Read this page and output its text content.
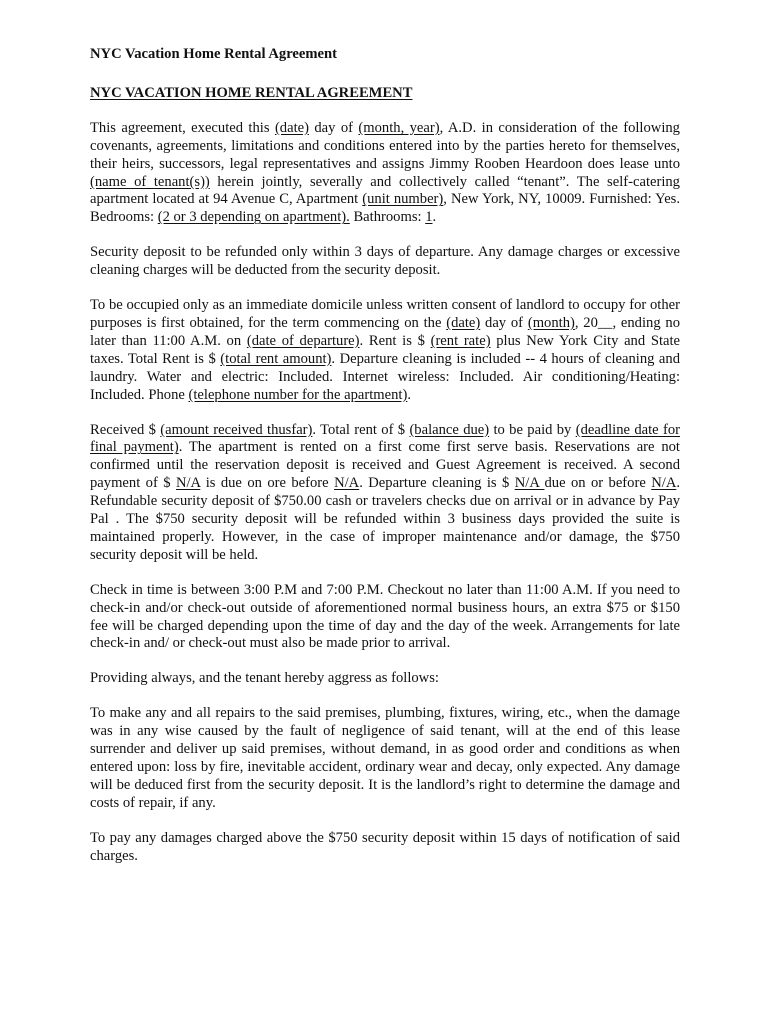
NYC Vacation Home Rental Agreement
NYC VACATION HOME RENTAL AGREEMENT

This agreement, executed this (date) day of (month, year), A.D. in consideration of the following covenants, agreements, limitations and conditions entered into by the parties hereto for themselves, their heirs, successors, legal representatives and assigns Jimmy Rooben Heardoon does lease unto (name of tenant(s)) herein jointly, severally and collectively called “tenant”. The self-catering apartment located at 94 Avenue C, Apartment (unit number), New York, NY, 10009. Furnished: Yes. Bedrooms: (2 or 3 depending on apartment). Bathrooms: 1.

Security deposit to be refunded only within 3 days of departure. Any damage charges or excessive cleaning charges will be deducted from the security deposit.

To be occupied only as an immediate domicile unless written consent of landlord to occupy for other purposes is first obtained, for the term commencing on the (date) day of (month), 20__, ending no later than 11:00 A.M. on (date of departure). Rent is $ (rent rate) plus New York City and State taxes. Total Rent is $ (total rent amount). Departure cleaning is included -- 4 hours of cleaning and laundry. Water and electric: Included. Internet wireless: Included. Air conditioning/Heating: Included. Phone (telephone number for the apartment).

Received $ (amount received thusfar). Total rent of $ (balance due) to be paid by (deadline date for final payment). The apartment is rented on a first come first serve basis. Reservations are not confirmed until the reservation deposit is received and Guest Agreement is received. A second payment of $ N/A is due on ore before N/A. Departure cleaning is $ N/A due on or before N/A. Refundable security deposit of $750.00 cash or travelers checks due on arrival or in advance by Pay Pal . The $750 security deposit will be refunded within 3 business days provided the suite is maintained properly. However, in the case of improper maintenance and/or damage, the $750 security deposit will be held.

Check in time is between 3:00 P.M and 7:00 P.M. Checkout no later than 11:00 A.M. If you need to check-in and/or check-out outside of aforementioned normal business hours, an extra $75 or $150 fee will be charged depending upon the time of day and the day of the week. Arrangements for late check-in and/ or check-out must also be made prior to arrival.

Providing always, and the tenant hereby aggress as follows:

To make any and all repairs to the said premises, plumbing, fixtures, wiring, etc., when the damage was in any wise caused by the fault of negligence of said tenant, will at the end of this lease surrender and deliver up said premises, without demand, in as good order and conditions as when entered upon: loss by fire, inevitable accident, ordinary wear and decay, only expected. Any damage will be deduced first from the security deposit. It is the landlord’s right to determine the damage and costs of repair, if any.

To pay any damages charged above the $750 security deposit within 15 days of notification of said charges.
